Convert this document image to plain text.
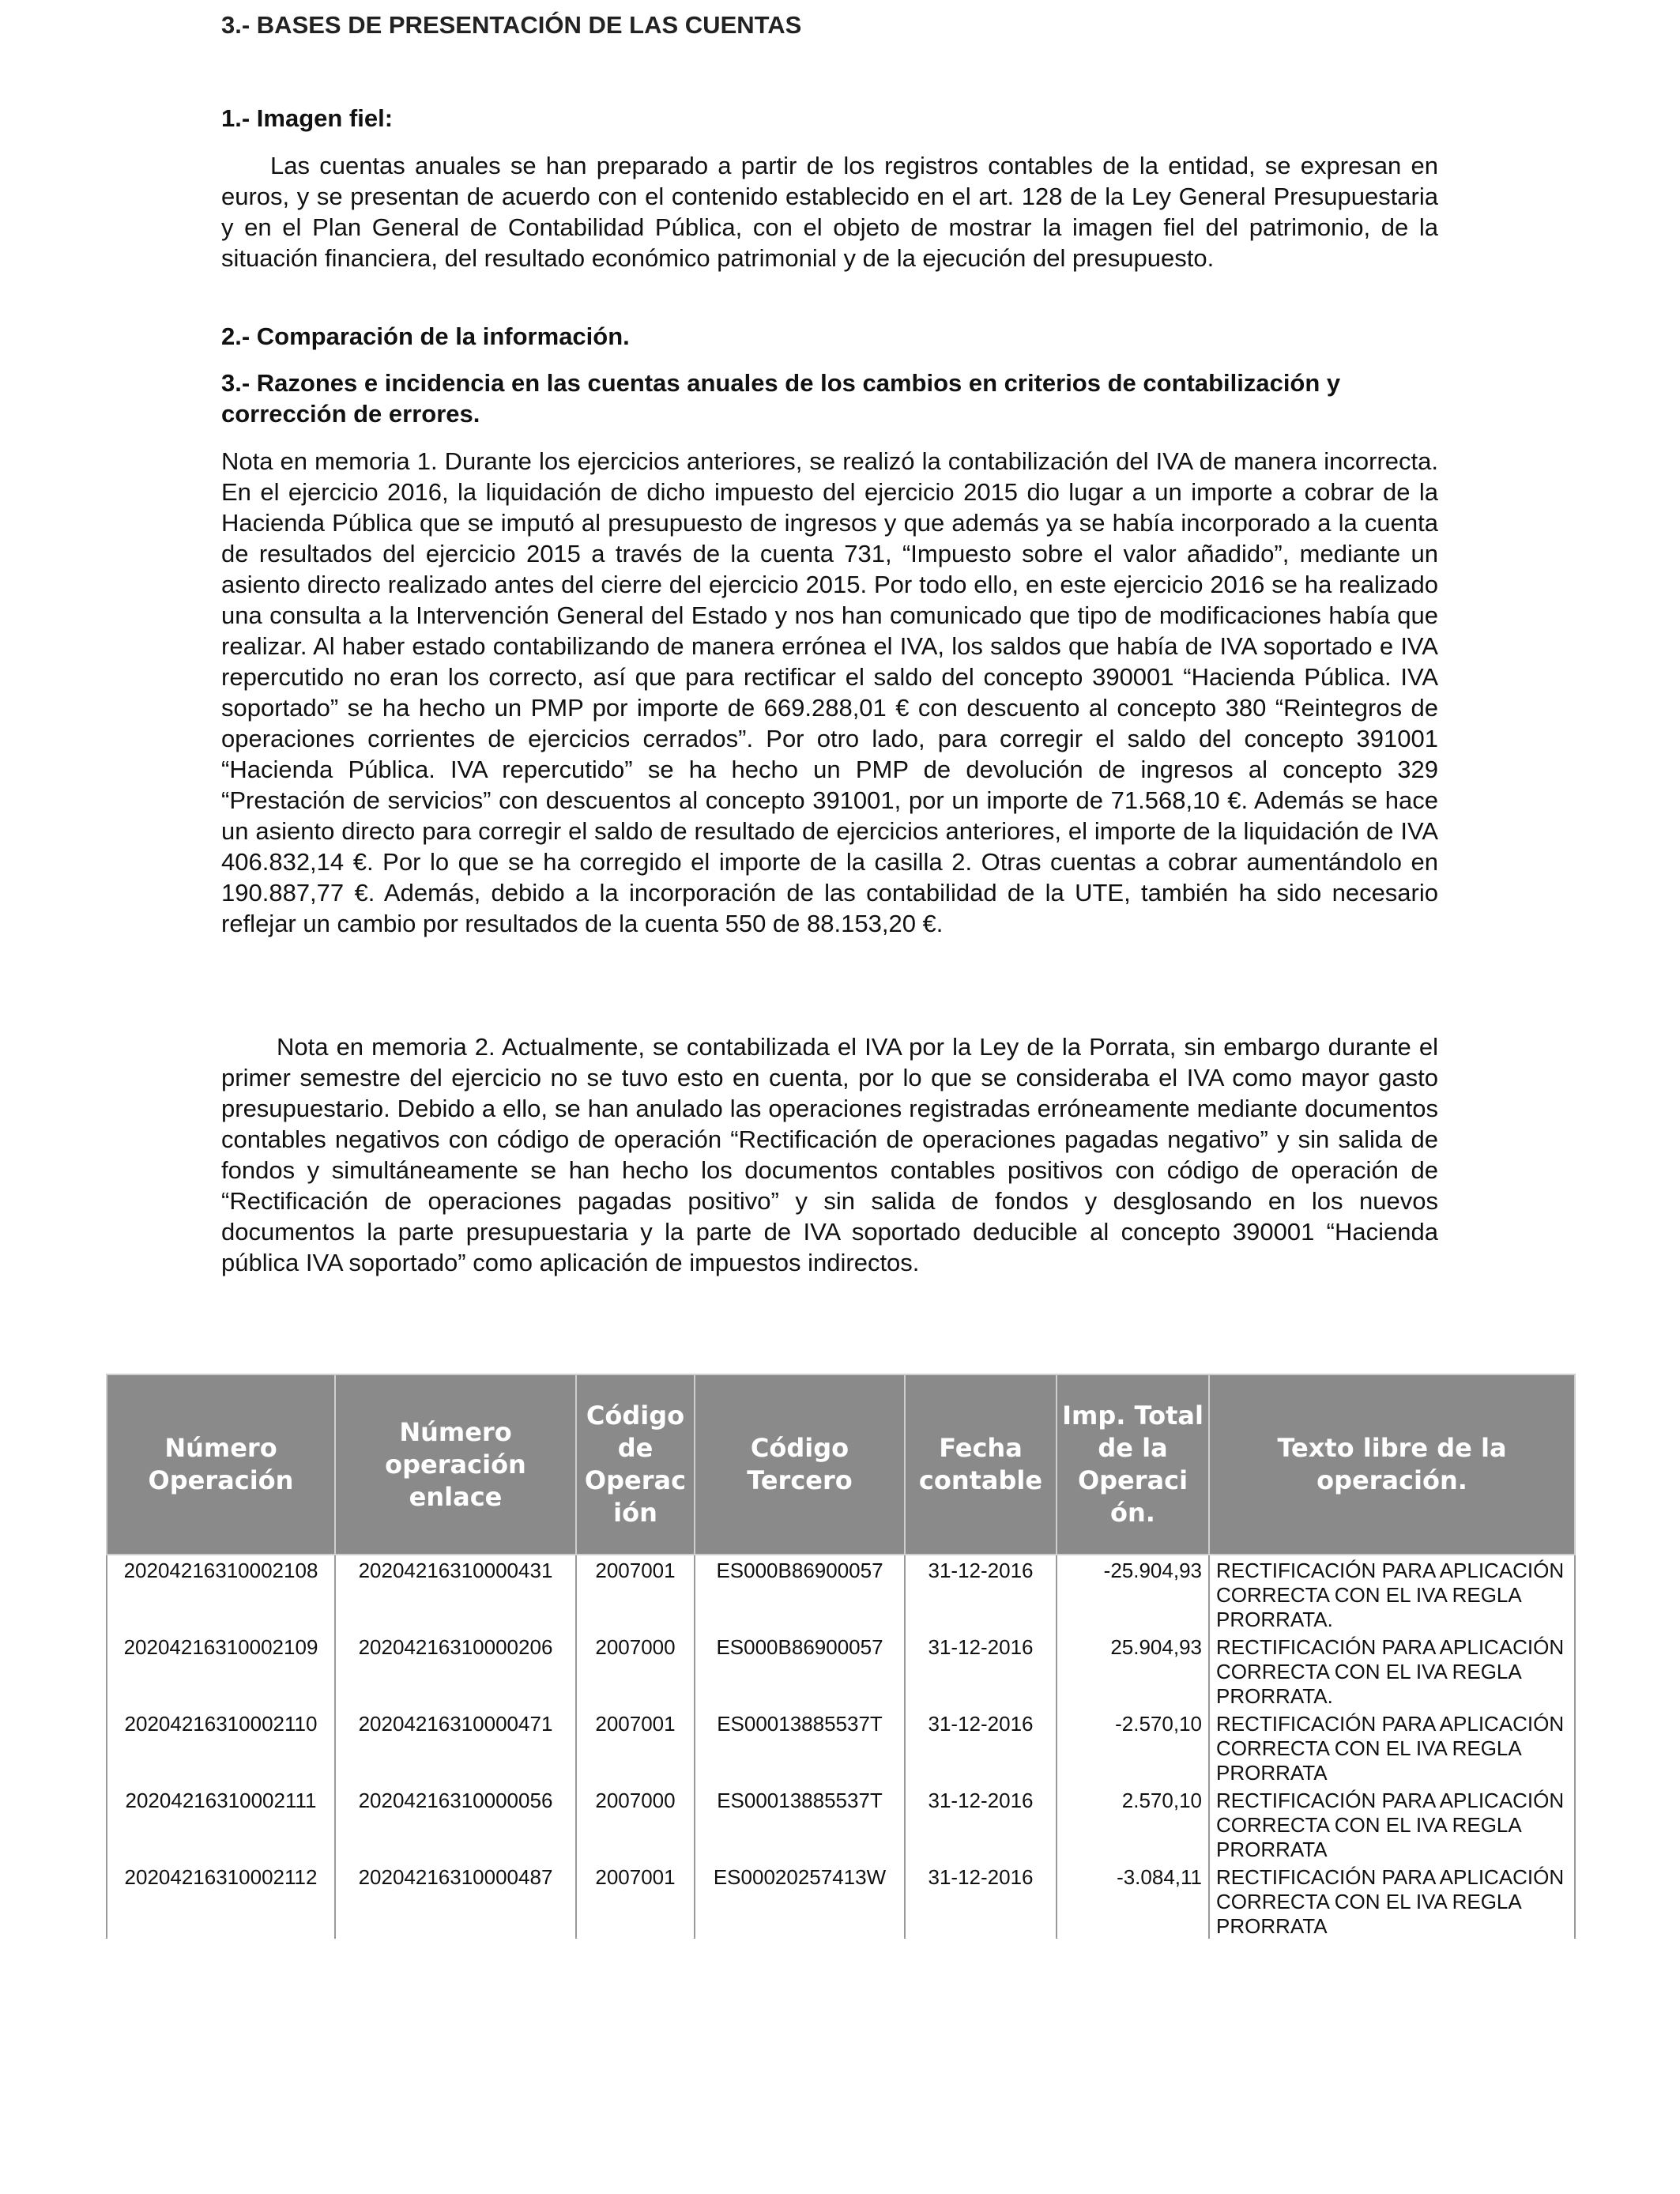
3.- BASES DE PRESENTACIÓN DE LAS CUENTAS
1.- Imagen fiel:
Las cuentas anuales se han preparado a partir de los registros contables de la entidad, se expresan en euros, y se presentan de acuerdo con el contenido establecido en el art. 128 de la Ley General Presupuestaria y en el Plan General de Contabilidad Pública, con el objeto de mostrar la imagen fiel del patrimonio, de la situación financiera, del resultado económico patrimonial y de la ejecución del presupuesto.
2.- Comparación de la información.
3.- Razones e incidencia en las cuentas anuales de los cambios en criterios de contabilización y corrección de errores.
Nota en memoria 1. Durante los ejercicios anteriores, se realizó la contabilización del IVA de manera incorrecta. En el ejercicio 2016, la liquidación de dicho impuesto del ejercicio 2015 dio lugar a un importe a cobrar de la Hacienda Pública que se imputó al presupuesto de ingresos y que además ya se había incorporado a la cuenta de resultados del ejercicio 2015 a través de la cuenta 731, “Impuesto sobre el valor añadido”, mediante un asiento directo realizado antes del cierre del ejercicio 2015. Por todo ello, en este ejercicio 2016 se ha realizado una consulta a la Intervención General del Estado y nos han comunicado que tipo de modificaciones había que realizar. Al haber estado contabilizando de manera errónea el IVA, los saldos que había de IVA soportado e IVA repercutido no eran los correcto, así que para rectificar el saldo del concepto 390001 “Hacienda Pública. IVA soportado” se ha hecho un PMP por importe de 669.288,01 € con descuento al concepto 380 “Reintegros de operaciones corrientes de ejercicios cerrados”. Por otro lado, para corregir el saldo del concepto 391001 “Hacienda Pública. IVA repercutido” se ha hecho un PMP de devolución de ingresos al concepto 329 “Prestación de servicios” con descuentos al concepto 391001, por un importe de 71.568,10 €. Además se hace un asiento directo para corregir el saldo de resultado de ejercicios anteriores, el importe de la liquidación de IVA 406.832,14 €. Por lo que se ha corregido el importe de la casilla 2. Otras cuentas a cobrar aumentándolo en 190.887,77 €. Además, debido a la incorporación de las contabilidad de la UTE, también ha sido necesario reflejar un cambio por resultados de la cuenta 550 de 88.153,20 €.
Nota en memoria 2. Actualmente, se contabilizada el IVA por la Ley de la Porrata, sin embargo durante el primer semestre del ejercicio no se tuvo esto en cuenta, por lo que se consideraba el IVA como mayor gasto presupuestario. Debido a ello, se han anulado las operaciones registradas erróneamente mediante documentos contables negativos con código de operación “Rectificación de operaciones pagadas negativo” y sin salida de fondos y simultáneamente se han hecho los documentos contables positivos con código de operación de “Rectificación de operaciones pagadas positivo” y sin salida de fondos y desglosando en los nuevos documentos la parte presupuestaria y la parte de IVA soportado deducible al concepto 390001 “Hacienda pública IVA soportado” como aplicación de impuestos indirectos.
Número Operación	Número operación enlace	Código de Operac ión	Código Tercero	Fecha contable	Imp. Total de la Operaci ón.	Texto libre de la operación.
20204216310002108	20204216310000431	2007001	ES000B86900057	31-12-2016	-25.904,93	RECTIFICACIÓN PARA APLICACIÓN CORRECTA CON EL IVA REGLA PRORRATA.
20204216310002109	20204216310000206	2007000	ES000B86900057	31-12-2016	25.904,93	RECTIFICACIÓN PARA APLICACIÓN CORRECTA CON EL IVA REGLA PRORRATA.
20204216310002110	20204216310000471	2007001	ES00013885537T	31-12-2016	-2.570,10	RECTIFICACIÓN PARA APLICACIÓN CORRECTA CON EL IVA REGLA PRORRATA
20204216310002111	20204216310000056	2007000	ES00013885537T	31-12-2016	2.570,10	RECTIFICACIÓN PARA APLICACIÓN CORRECTA CON EL IVA REGLA PRORRATA
20204216310002112	20204216310000487	2007001	ES00020257413W	31-12-2016	-3.084,11	RECTIFICACIÓN PARA APLICACIÓN CORRECTA CON EL IVA REGLA PRORRATA
